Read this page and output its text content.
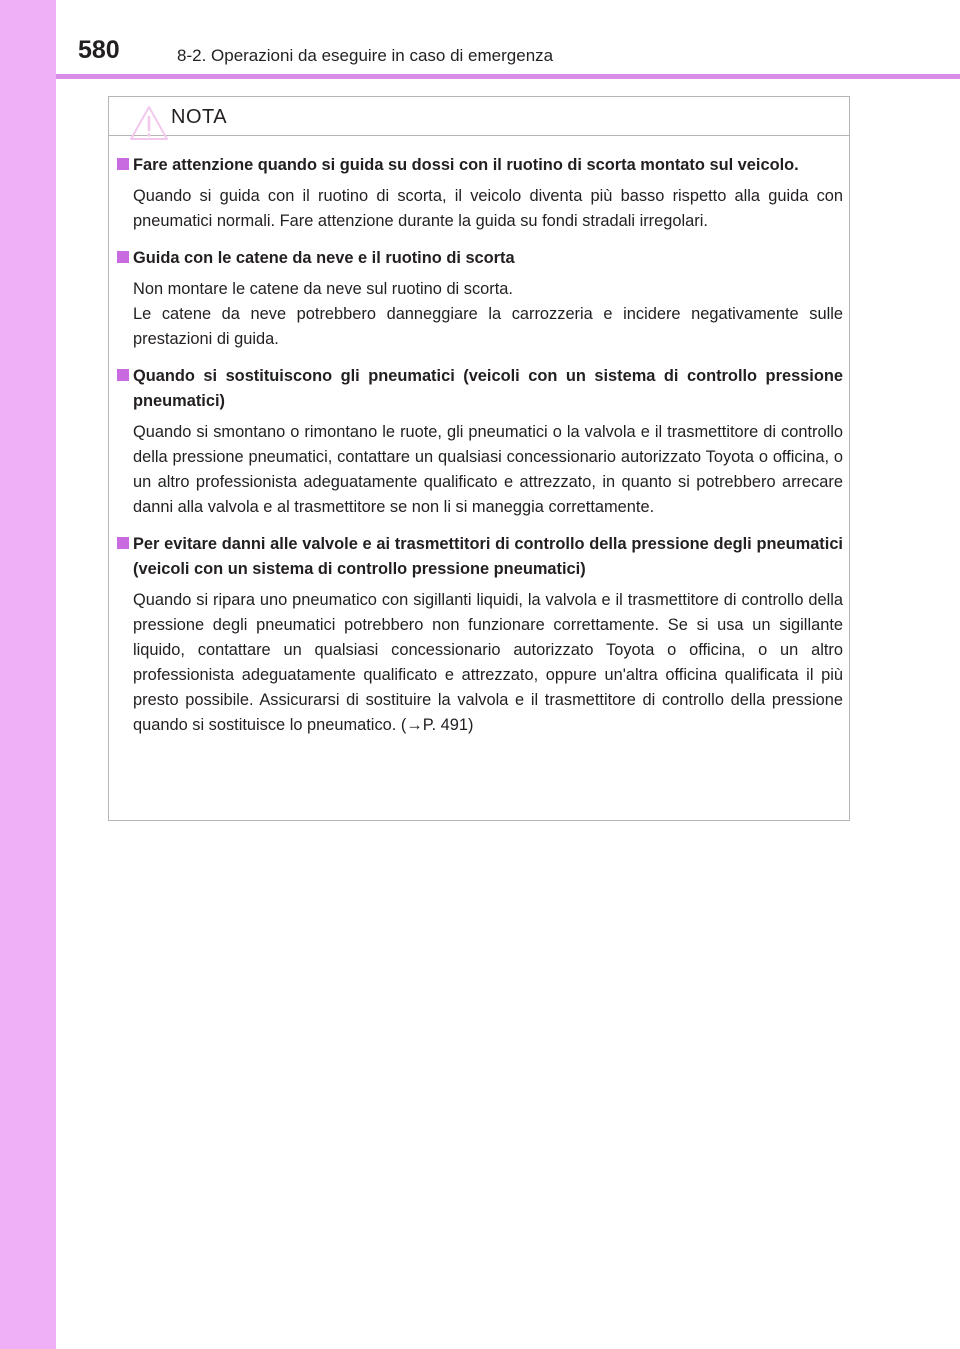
580	8-2. Operazioni da eseguire in caso di emergenza
NOTA
Fare attenzione quando si guida su dossi con il ruotino di scorta montato sul veicolo.

Quando si guida con il ruotino di scorta, il veicolo diventa più basso rispetto alla guida con pneumatici normali. Fare attenzione durante la guida su fondi stradali irregolari.

Guida con le catene da neve e il ruotino di scorta

Non montare le catene da neve sul ruotino di scorta.

Le catene da neve potrebbero danneggiare la carrozzeria e incidere negativamente sulle prestazioni di guida.

Quando si sostituiscono gli pneumatici (veicoli con un sistema di controllo pressione pneumatici)

Quando si smontano o rimontano le ruote, gli pneumatici o la valvola e il trasmettitore di controllo della pressione pneumatici, contattare un qualsiasi concessionario autorizzato Toyota o officina, o un altro professionista adeguatamente qualificato e attrezzato, in quanto si potrebbero arrecare danni alla valvola e al trasmettitore se non li si maneggia correttamente.

Per evitare danni alle valvole e ai trasmettitori di controllo della pressione degli pneumatici (veicoli con un sistema di controllo pressione pneumatici)

Quando si ripara uno pneumatico con sigillanti liquidi, la valvola e il trasmettitore di controllo della pressione degli pneumatici potrebbero non funzionare correttamente. Se si usa un sigillante liquido, contattare un qualsiasi concessionario autorizzato Toyota o officina, o un altro professionista adeguatamente qualificato e attrezzato, oppure un'altra officina qualificata il più presto possibile. Assicurarsi di sostituire la valvola e il trasmettitore di controllo della pressione quando si sostituisce lo pneumatico. (→P. 491)
